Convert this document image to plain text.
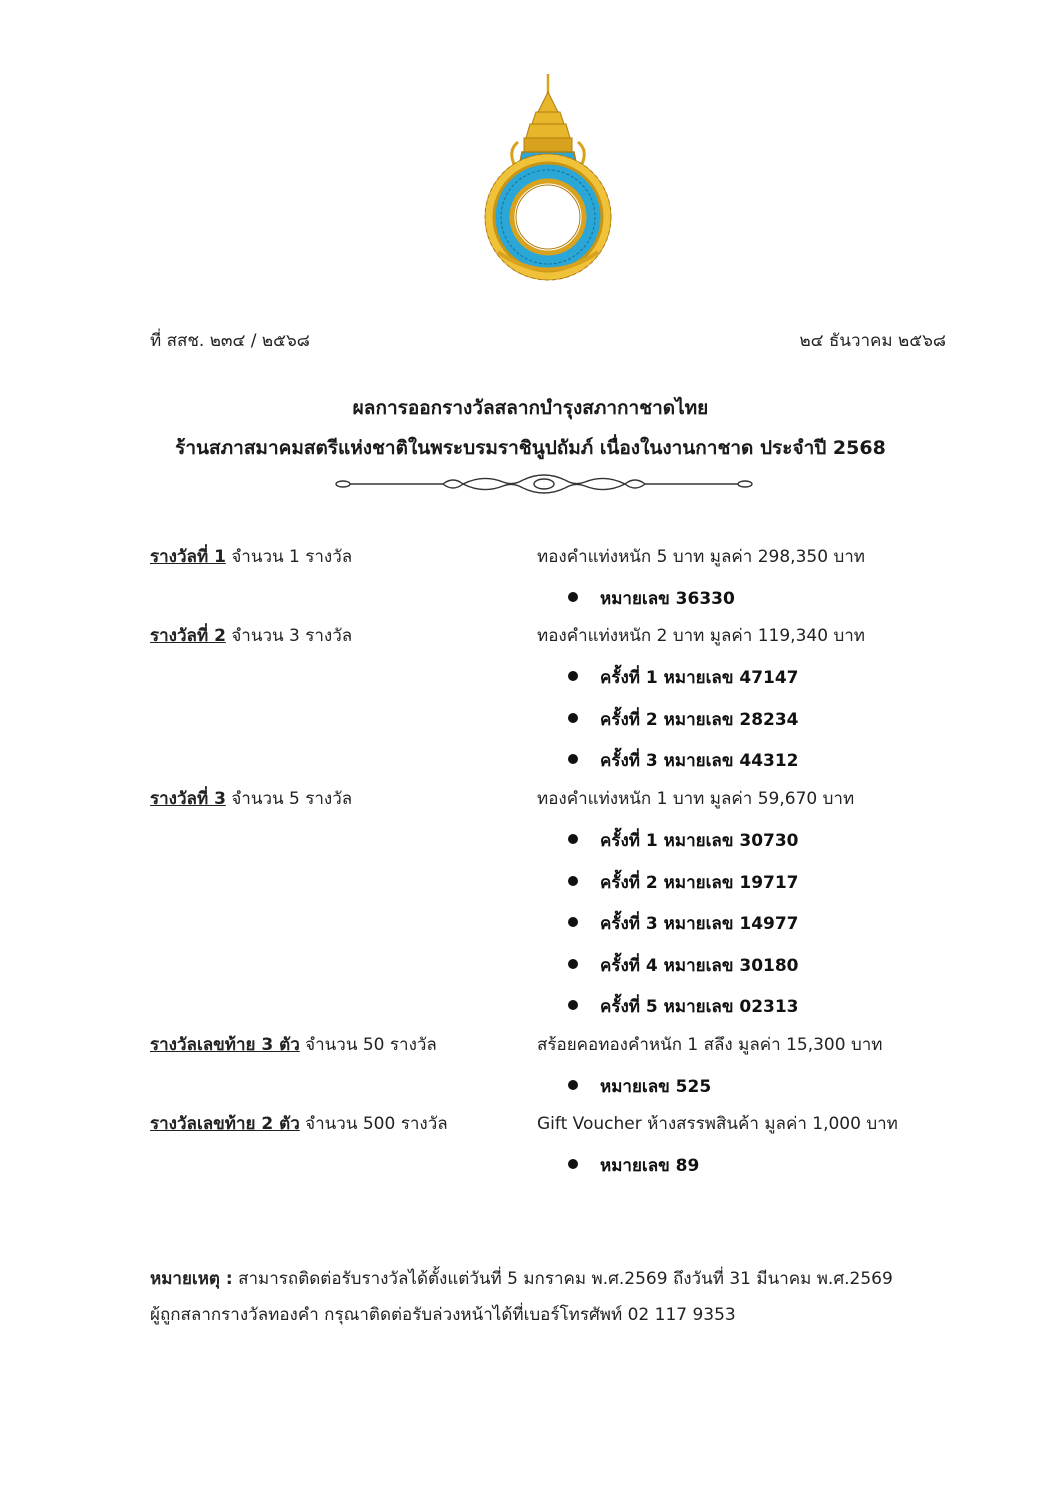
ที่ สสช. ๒๓๔ / ๒๕๖๘	๒๔ ธันวาคม ๒๕๖๘
ผลการออกรางวัลสลากบำรุงสภากาชาดไทย
ร้านสภาสมาคมสตรีแห่งชาติในพระบรมราชินูปถัมภ์ เนื่องในงานกาชาด ประจำปี 2568
รางวัลที่ 1 จำนวน 1 รางวัล	ทองคำแท่งหนัก 5 บาท มูลค่า 298,350 บาท
หมายเลข 36330
รางวัลที่ 2 จำนวน 3 รางวัล	ทองคำแท่งหนัก 2 บาท มูลค่า 119,340 บาท
ครั้งที่ 1 หมายเลข 47147
ครั้งที่ 2 หมายเลข 28234
ครั้งที่ 3 หมายเลข 44312
รางวัลที่ 3 จำนวน 5 รางวัล	ทองคำแท่งหนัก 1 บาท มูลค่า 59,670 บาท
ครั้งที่ 1 หมายเลข 30730
ครั้งที่ 2 หมายเลข 19717
ครั้งที่ 3 หมายเลข 14977
ครั้งที่ 4 หมายเลข 30180
ครั้งที่ 5 หมายเลข 02313
รางวัลเลขท้าย 3 ตัว จำนวน 50 รางวัล	สร้อยคอทองคำหนัก 1 สลึง มูลค่า 15,300 บาท
หมายเลข 525
รางวัลเลขท้าย 2 ตัว จำนวน 500 รางวัล	Gift Voucher ห้างสรรพสินค้า มูลค่า 1,000 บาท
หมายเลข 89
หมายเหตุ : สามารถติดต่อรับรางวัลได้ตั้งแต่วันที่ 5 มกราคม พ.ศ.2569 ถึงวันที่ 31 มีนาคม พ.ศ.2569
ผู้ถูกสลากรางวัลทองคำ กรุณาติดต่อรับล่วงหน้าได้ที่เบอร์โทรศัพท์ 02 117 9353
